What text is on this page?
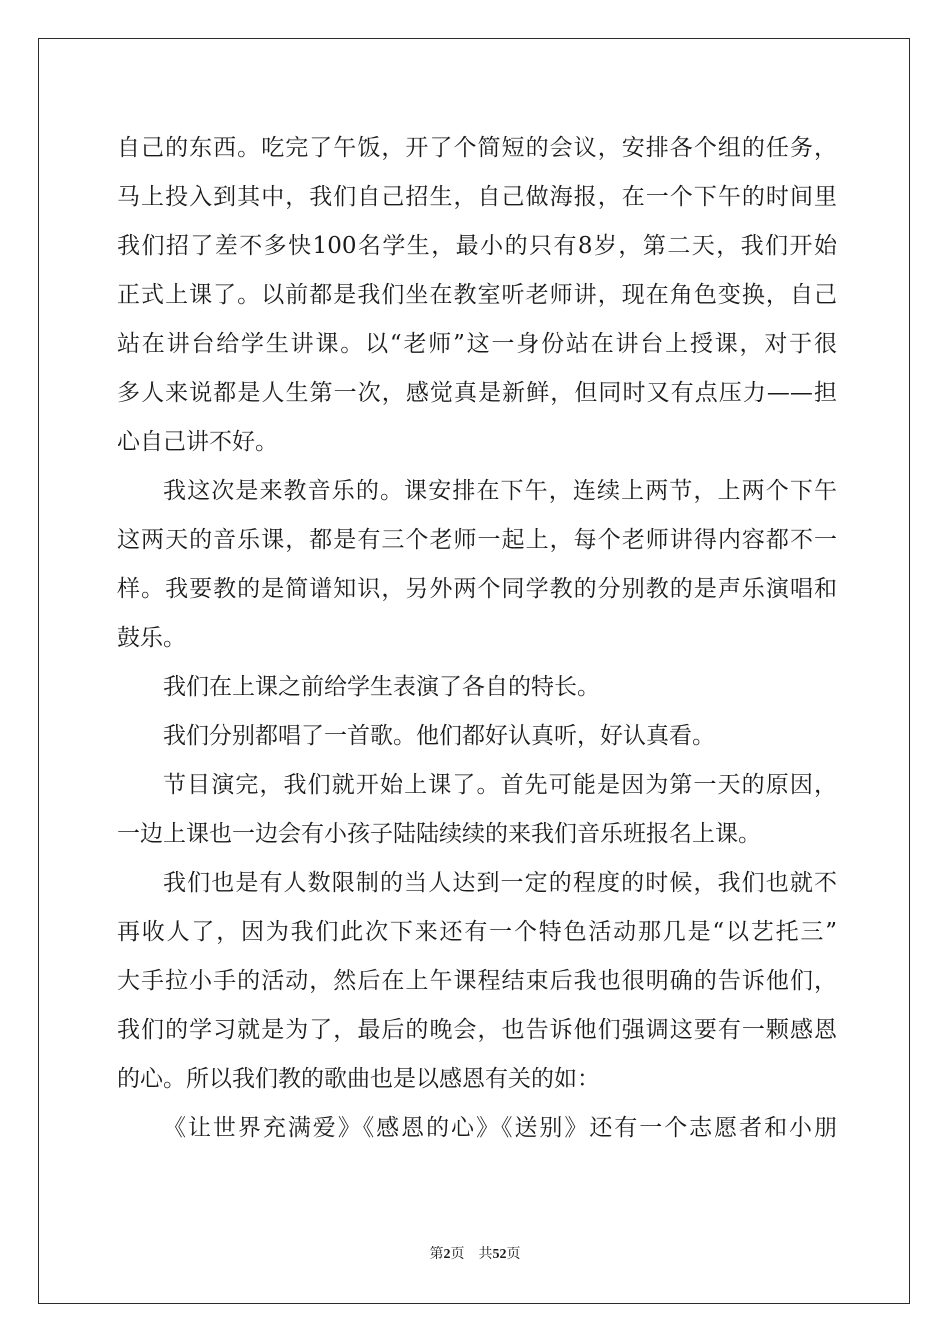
自己的东西。吃完了午饭，开了个简短的会议，安排各个组的任务，
马上投入到其中，我们自己招生，自己做海报，在一个下午的时间里
我们招了差不多快100名学生，最小的只有8岁，第二天，我们开始
正式上课了。以前都是我们坐在教室听老师讲，现在角色变换，自己
站在讲台给学生讲课。以“老师”这一身份站在讲台上授课，对于很
多人来说都是人生第一次，感觉真是新鲜，但同时又有点压力——担
心自己讲不好。
我这次是来教音乐的。课安排在下午，连续上两节，上两个下午
这两天的音乐课，都是有三个老师一起上，每个老师讲得内容都不一
样。我要教的是简谱知识，另外两个同学教的分别教的是声乐演唱和
鼓乐。
我们在上课之前给学生表演了各自的特长。
我们分别都唱了一首歌。他们都好认真听，好认真看。
节目演完，我们就开始上课了。首先可能是因为第一天的原因，
一边上课也一边会有小孩子陆陆续续的来我们音乐班报名上课。
我们也是有人数限制的当人达到一定的程度的时候，我们也就不
再收人了，因为我们此次下来还有一个特色活动那几是“以艺托三”
大手拉小手的活动，然后在上午课程结束后我也很明确的告诉他们，
我们的学习就是为了，最后的晚会，也告诉他们强调这要有一颗感恩
的心。所以我们教的歌曲也是以感恩有关的如：
《让世界充满爱》《感恩的心》《送别》还有一个志愿者和小朋
第2页 共52页
